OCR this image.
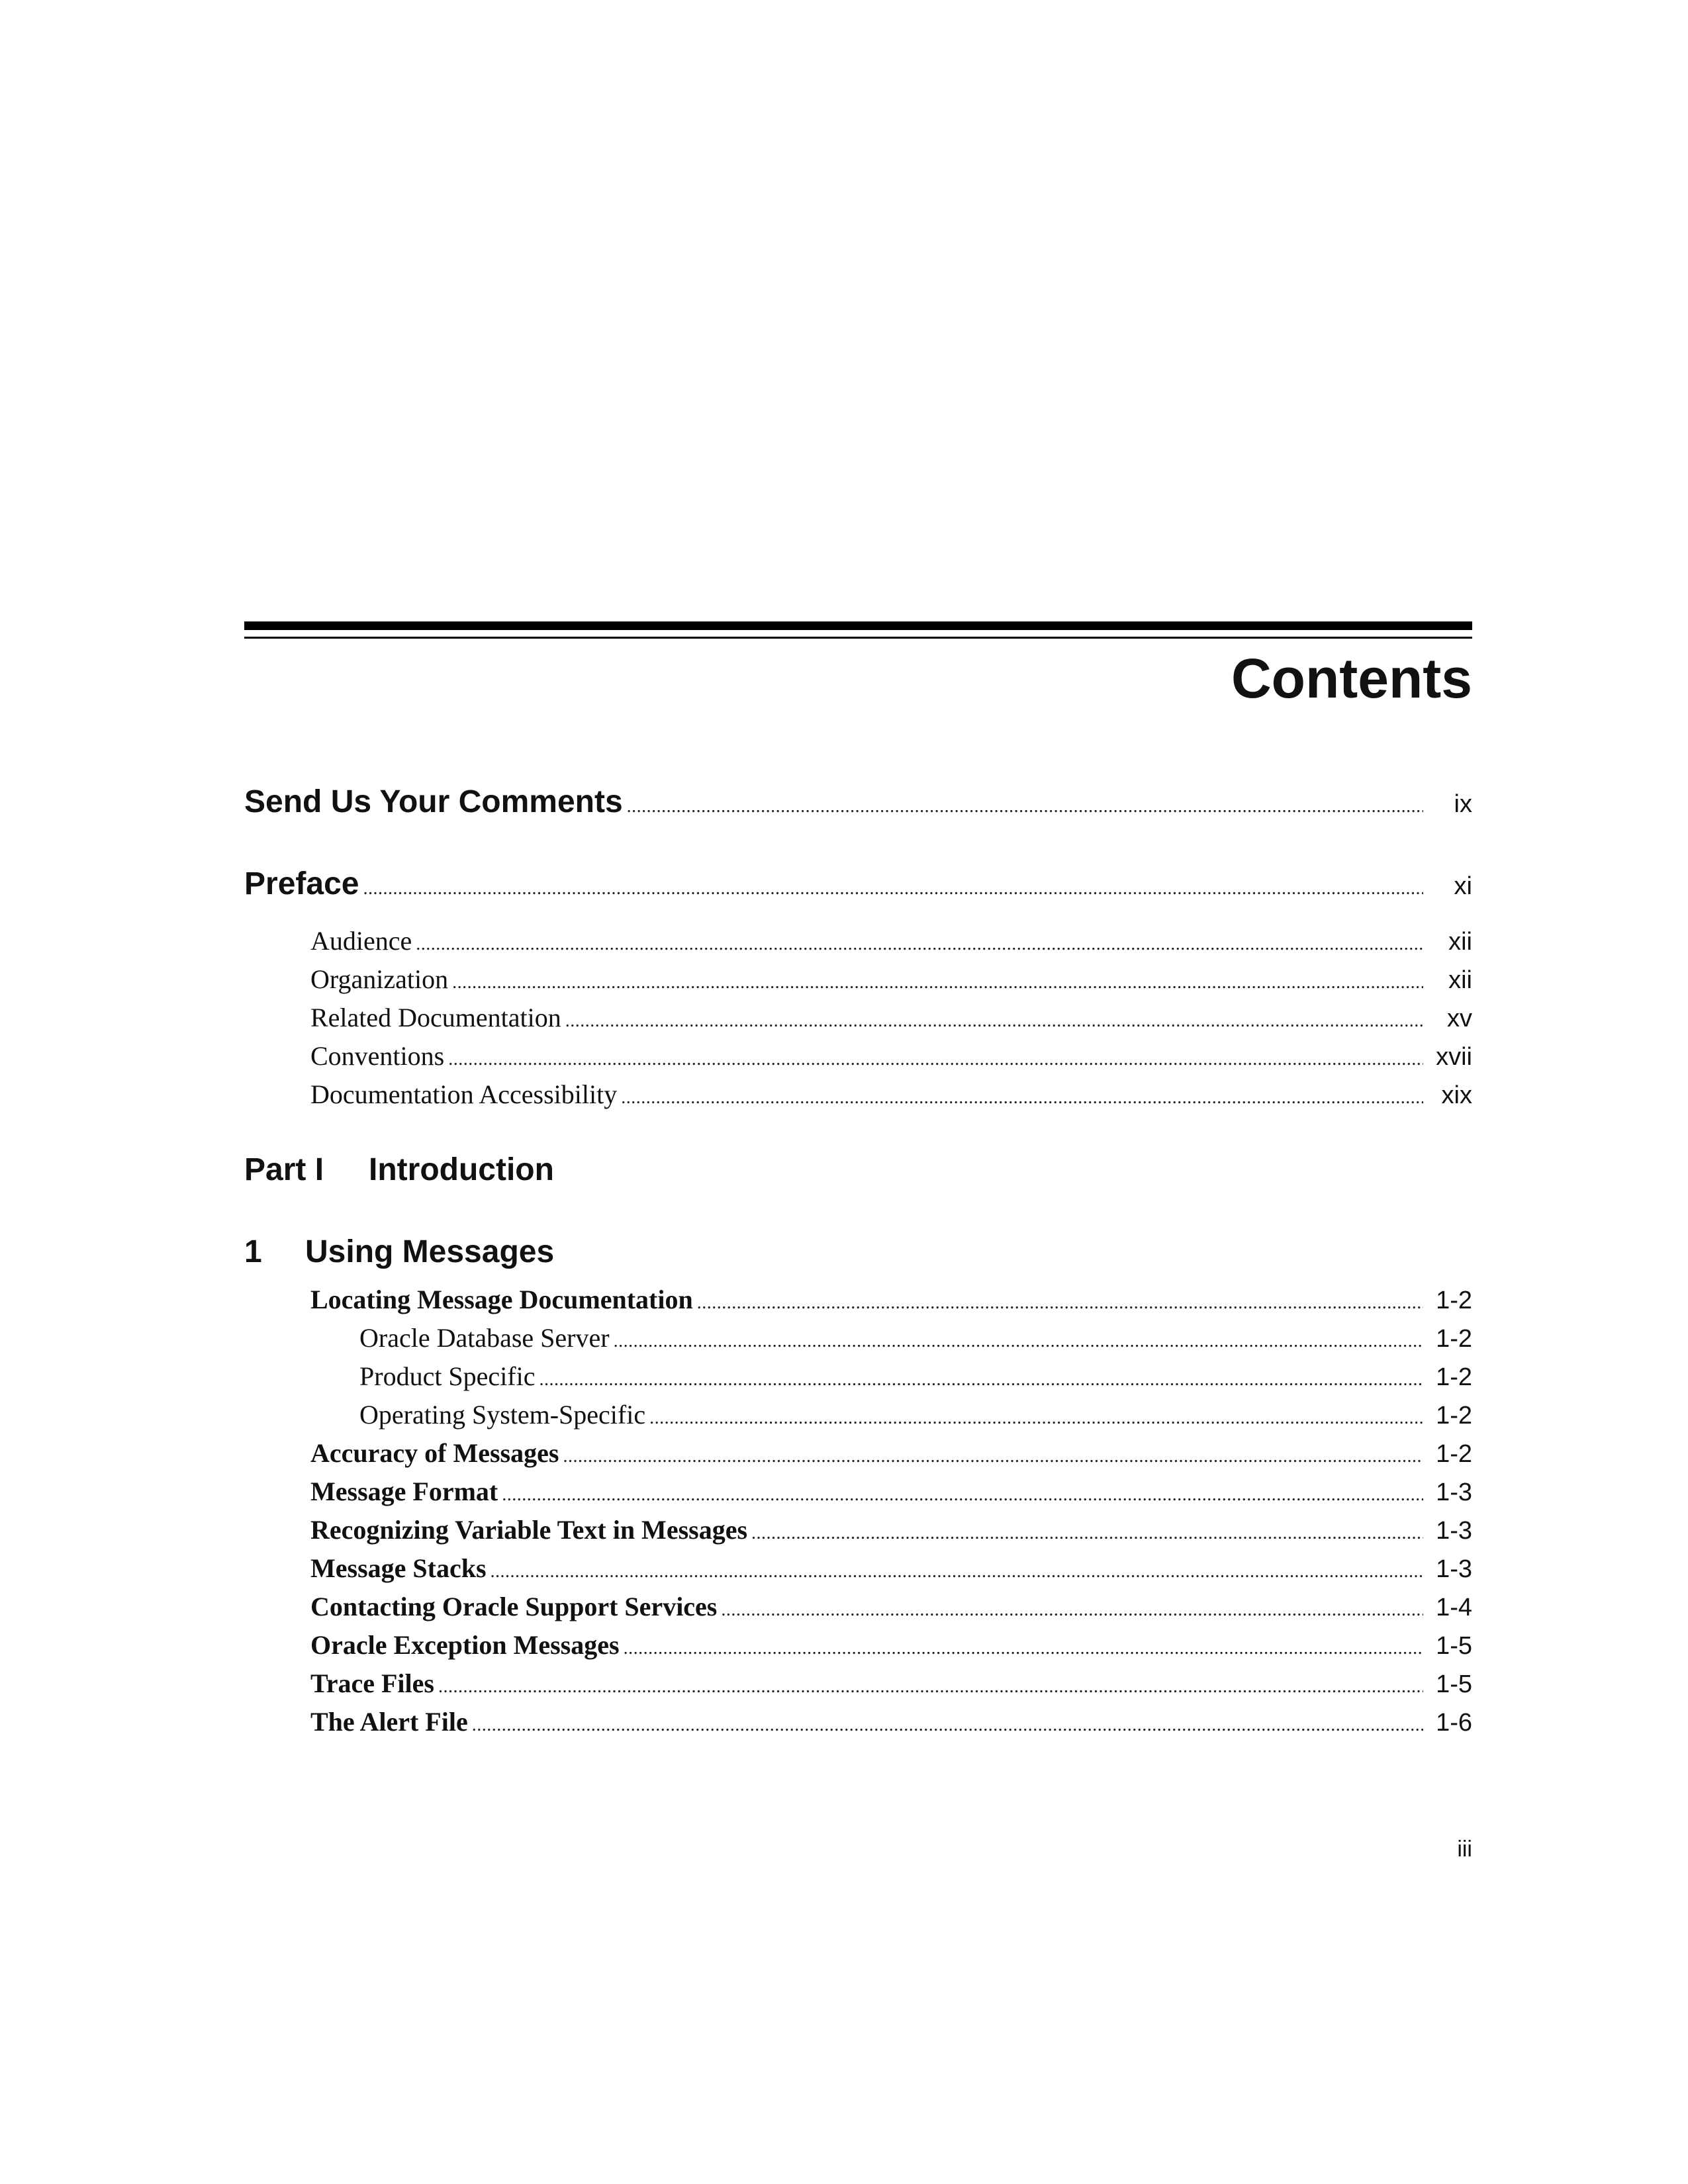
Contents
Send Us Your Comments .....	ix
Preface .....	xi
Audience .....	xii
Organization .....	xii
Related Documentation .....	xv
Conventions .....	xvii
Documentation Accessibility .....	xix
Part I Introduction
1 Using Messages
Locating Message Documentation .....	1-2
Oracle Database Server .....	1-2
Product Specific .....	1-2
Operating System-Specific .....	1-2
Accuracy of Messages .....	1-2
Message Format .....	1-3
Recognizing Variable Text in Messages .....	1-3
Message Stacks .....	1-3
Contacting Oracle Support Services .....	1-4
Oracle Exception Messages .....	1-5
Trace Files .....	1-5
The Alert File .....	1-6
iii
